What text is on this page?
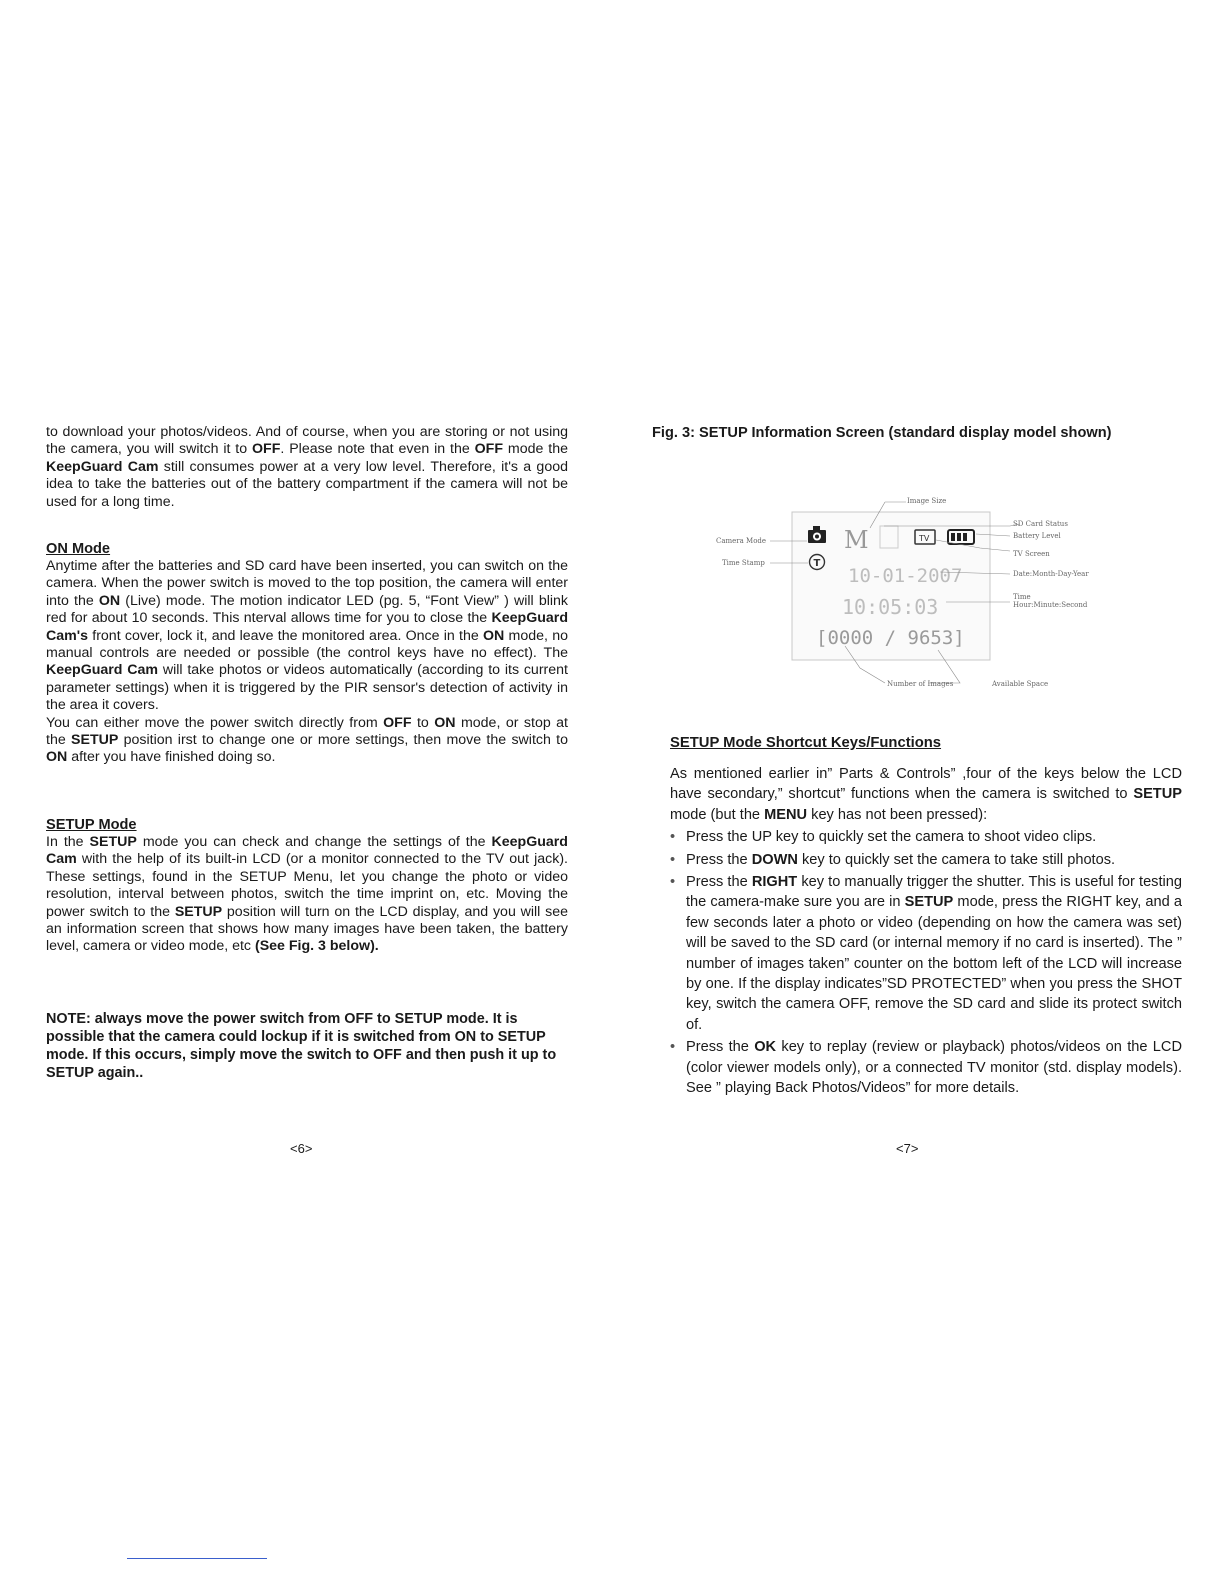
to download your photos/videos. And of course, when you are storing or not using the camera, you will switch it to OFF. Please note that even in the OFF mode the KeepGuard Cam still consumes power at a very low level. Therefore, it's a good idea to take the batteries out of the battery compartment if the camera will not be used for a long time.

ON Mode

Anytime after the batteries and SD card have been inserted, you can switch on the camera. When the power switch is moved to the top position, the camera will enter into the ON (Live) mode. The motion indicator LED (pg. 5, “Font View” ) will blink red for about 10 seconds. This nterval allows time for you to close the KeepGuard Cam's front cover, lock it, and leave the monitored area. Once in the ON mode, no manual controls are needed or possible (the control keys have no effect). The KeepGuard Cam will take photos or videos automatically (according to its current parameter settings) when it is triggered by the PIR sensor's detection of activity in the area it covers.

You can either move the power switch directly from OFF to ON mode, or stop at the SETUP position irst to change one or more settings, then move the switch to ON after you have finished doing so.

SETUP Mode

In the SETUP mode you can check and change the settings of the KeepGuard Cam with the help of its built-in LCD (or a monitor connected to the TV out jack). These settings, found in the SETUP Menu, let you change the photo or video resolution, interval between photos, switch the time imprint on, etc. Moving the power switch to the SETUP position will turn on the LCD display, and you will see an information screen that shows how many images have been taken, the battery level, camera or video mode, etc (See Fig. 3 below).

NOTE: always move the power switch from OFF to SETUP mode. It is possible that the camera could lockup if it is switched from ON to SETUP mode. If this occurs, simply move the switch to OFF and then push it up to SETUP again..

<6>
Fig. 3: SETUP Information Screen (standard display model shown)
M	TV
T
10-01-2007
10:05:03
[0000 / 9653]
Image Size
SD Card Status
Battery Level
Camera Mode
TV Screen
Time Stamp
Date:Month-Day-Year
Time
Hour:Minute:Second
Number of Images	Available Space

SETUP Mode Shortcut Keys/Functions

As mentioned earlier in” Parts & Controls” ,four of the keys below the LCD have secondary,” shortcut” functions when the camera is switched to SETUP mode (but the MENU key has not been pressed):

• Press the UP key to quickly set the camera to shoot video clips.
• Press the DOWN key to quickly set the camera to take still photos.
• Press the RIGHT key to manually trigger the shutter. This is useful for testing the camera-make sure you are in SETUP mode, press the RIGHT key, and a few seconds later a photo or video (depending on how the camera was set) will be saved to the SD card (or internal memory if no card is inserted). The ” number of images taken” counter on the bottom left of the LCD will increase by one. If the display indicates”SD PROTECTED” when you press the SHOT key, switch the camera OFF, remove the SD card and slide its protect switch of.
• Press the OK key to replay (review or playback) photos/videos on the LCD (color viewer models only), or a connected TV monitor (std. display models). See ” playing Back Photos/Videos” for more details.
<7>
